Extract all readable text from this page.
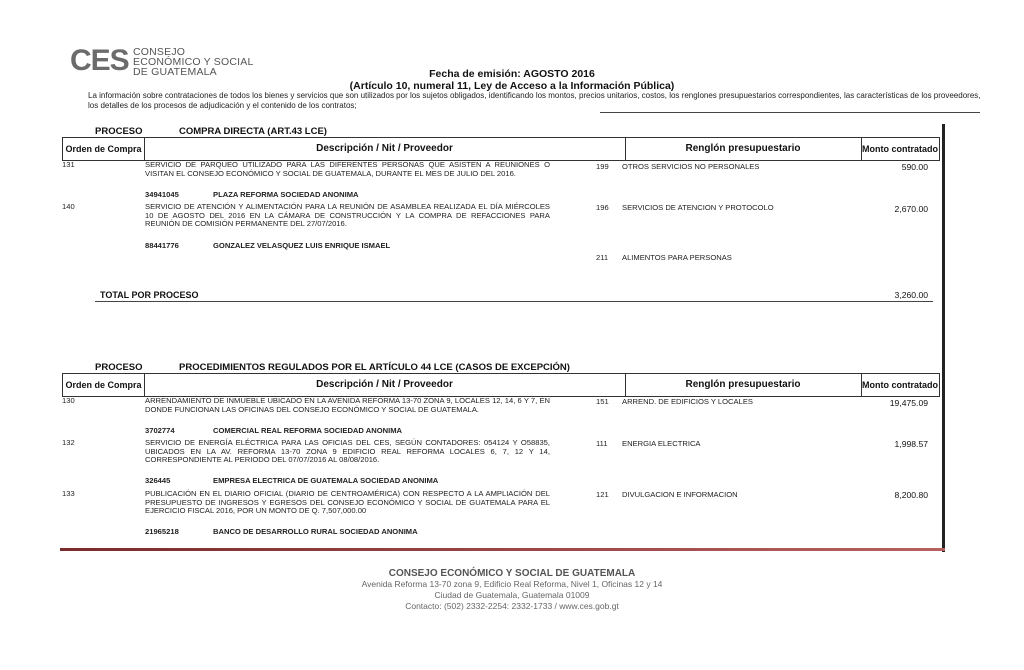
CES CONSEJO
ECONÓMICO Y SOCIAL
DE GUATEMALA	Fecha de emisión: AGOSTO 2016
(Artículo 10, numeral 11, Ley de Acceso a la Información Pública)
La información sobre contrataciones de todos los bienes y servicios que son utilizados por los sujetos obligados, identificando los montos, precios unitarios, costos, los renglones presupuestarios correspondientes, las características de los proveedores, los detalles de los procesos de adjudicación y el contenido de los contratos;
PROCESO	COMPRA DIRECTA (ART.43 LCE)
Orden de Compra	Descripción / Nit / Proveedor	Renglón presupuestario	Monto contratado
131	SERVICIO DE PARQUEO UTILIZADO PARA LAS DIFERENTES PERSONAS QUE ASISTEN A REUNIONES O VISITAN EL CONSEJO ECONÓMICO Y SOCIAL DE GUATEMALA, DURANTE EL MES DE JULIO DEL 2016.
34941045	PLAZA REFORMA SOCIEDAD ANONIMA
199 OTROS SERVICIOS NO PERSONALES	590.00
140	SERVICIO DE ATENCIÓN Y ALIMENTACIÓN PARA LA REUNIÓN DE ASAMBLEA REALIZADA EL DÍA MIÉRCOLES 10 DE AGOSTO DEL 2016 EN LA CÁMARA DE CONSTRUCCIÓN Y LA COMPRA DE REFACCIONES PARA REUNIÓN DE COMISIÓN PERMANENTE DEL 27/07/2016.
88441776	GONZALEZ VELASQUEZ LUIS ENRIQUE ISMAEL
196 SERVICIOS DE ATENCION Y PROTOCOLO	2,670.00
211 ALIMENTOS PARA PERSONAS
TOTAL POR PROCESO	3,260.00
PROCESO	PROCEDIMIENTOS REGULADOS POR EL ARTÍCULO 44 LCE (CASOS DE EXCEPCIÓN)
Orden de Compra	Descripción / Nit / Proveedor	Renglón presupuestario	Monto contratado
130	ARRENDAMIENTO DE INMUEBLE UBICADO EN LA AVENIDA REFORMA 13-70 ZONA 9, LOCALES 12, 14, 6 Y 7, EN DONDE FUNCIONAN LAS OFICINAS DEL CONSEJO ECONÓMICO Y SOCIAL DE GUATEMALA.
3702774	COMERCIAL REAL REFORMA SOCIEDAD ANONIMA
151 ARREND. DE EDIFICIOS Y LOCALES	19,475.09
132	SERVICIO DE ENERGÍA ELÉCTRICA PARA LAS OFICIAS DEL CES, SEGÚN CONTADORES: 054124 Y O58835, UBICADOS EN LA AV. REFORMA 13-70 ZONA 9 EDIFICIO REAL REFORMA LOCALES 6, 7, 12 Y 14, CORRESPONDIENTE AL PERIODO DEL 07/07/2016 AL 08/08/2016.
326445	EMPRESA ELECTRICA DE GUATEMALA SOCIEDAD ANONIMA
111 ENERGIA ELECTRICA	1,998.57
133	PUBLICACIÓN EN EL DIARIO OFICIAL (DIARIO DE CENTROAMÉRICA) CON RESPECTO A LA AMPLIACIÓN DEL PRESUPUESTO DE INGRESOS Y EGRESOS DEL CONSEJO ECONÓMICO Y SOCIAL DE GUATEMALA PARA EL EJERCICIO FISCAL 2016, POR UN MONTO DE Q. 7,507,000.00
21965218	BANCO DE DESARROLLO RURAL SOCIEDAD ANONIMA
121 DIVULGACION E INFORMACION	8,200.80
CONSEJO ECONÓMICO Y SOCIAL DE GUATEMALA
Avenida Reforma 13-70 zona 9, Edificio Real Reforma, Nivel 1, Oficinas 12 y 14
Ciudad de Guatemala, Guatemala 01009
Contacto: (502) 2332-2254: 2332-1733 / www.ces.gob.gt
